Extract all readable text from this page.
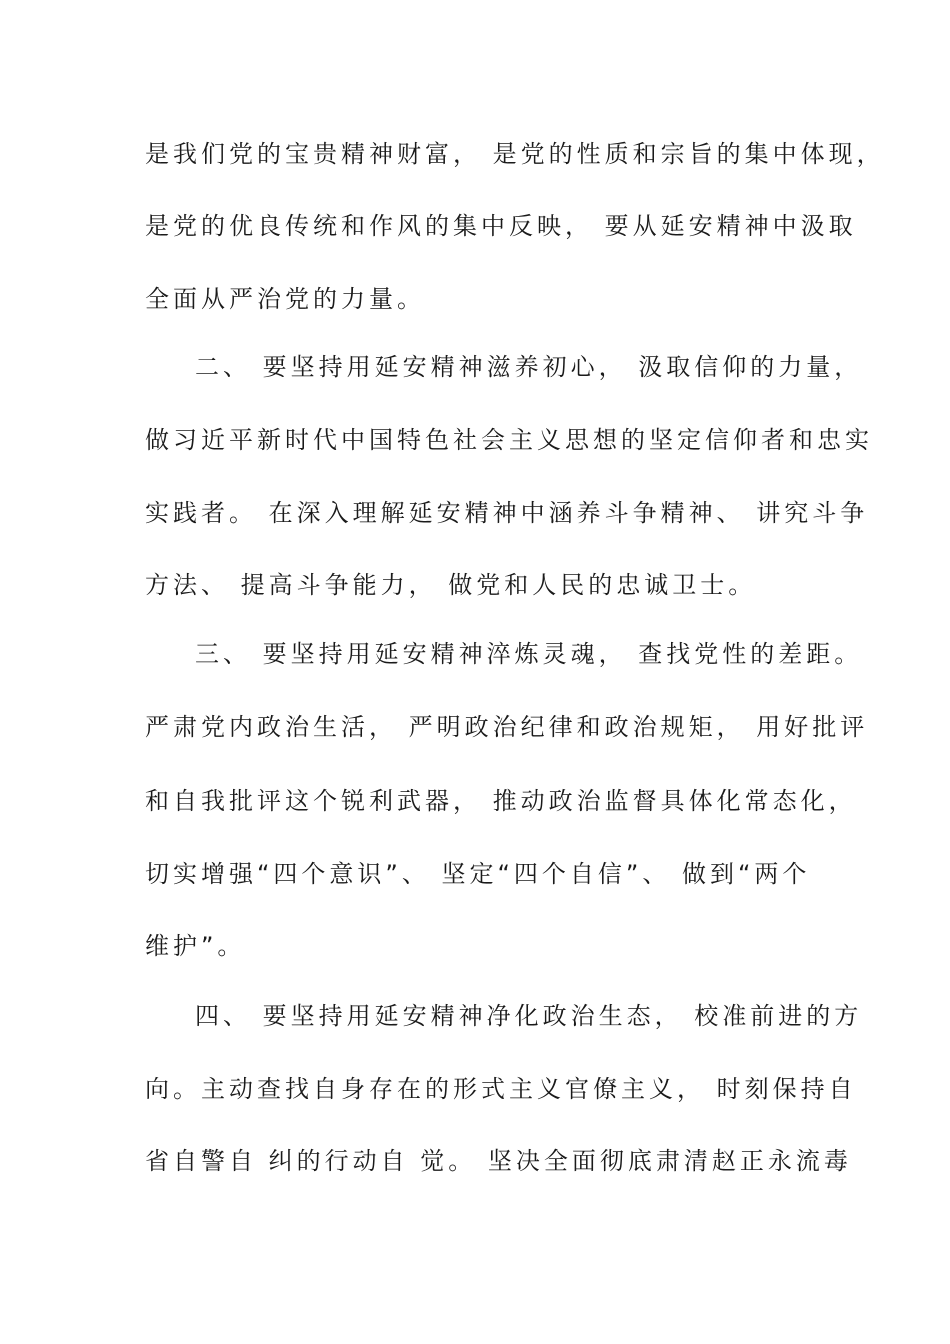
是我们党的宝贵精神财富， 是党的性质和宗旨的集中体现，
是党的优良传统和作风的集中反映， 要从延安精神中汲取
全面从严治党的力量。
二、 要坚持用延安精神滋养初心， 汲取信仰的力量，
做习近平新时代中国特色社会主义思想的坚定信仰者和忠实
实践者。 在深入理解延安精神中涵养斗争精神、 讲究斗争
方法、 提高斗争能力， 做党和人民的忠诚卫士。
三、 要坚持用延安精神淬炼灵魂， 查找党性的差距。
严肃党内政治生活， 严明政治纪律和政治规矩， 用好批评
和自我批评这个锐利武器， 推动政治监督具体化常态化，
切实增强“四个意识”、 坚定“四个自信”、 做到“两个
维护”。
四、 要坚持用延安精神净化政治生态， 校准前进的方
向。主动查找自身存在的形式主义官僚主义， 时刻保持自
省自警自 纠的行动自 觉。 坚决全面彻底肃清赵正永流毒
